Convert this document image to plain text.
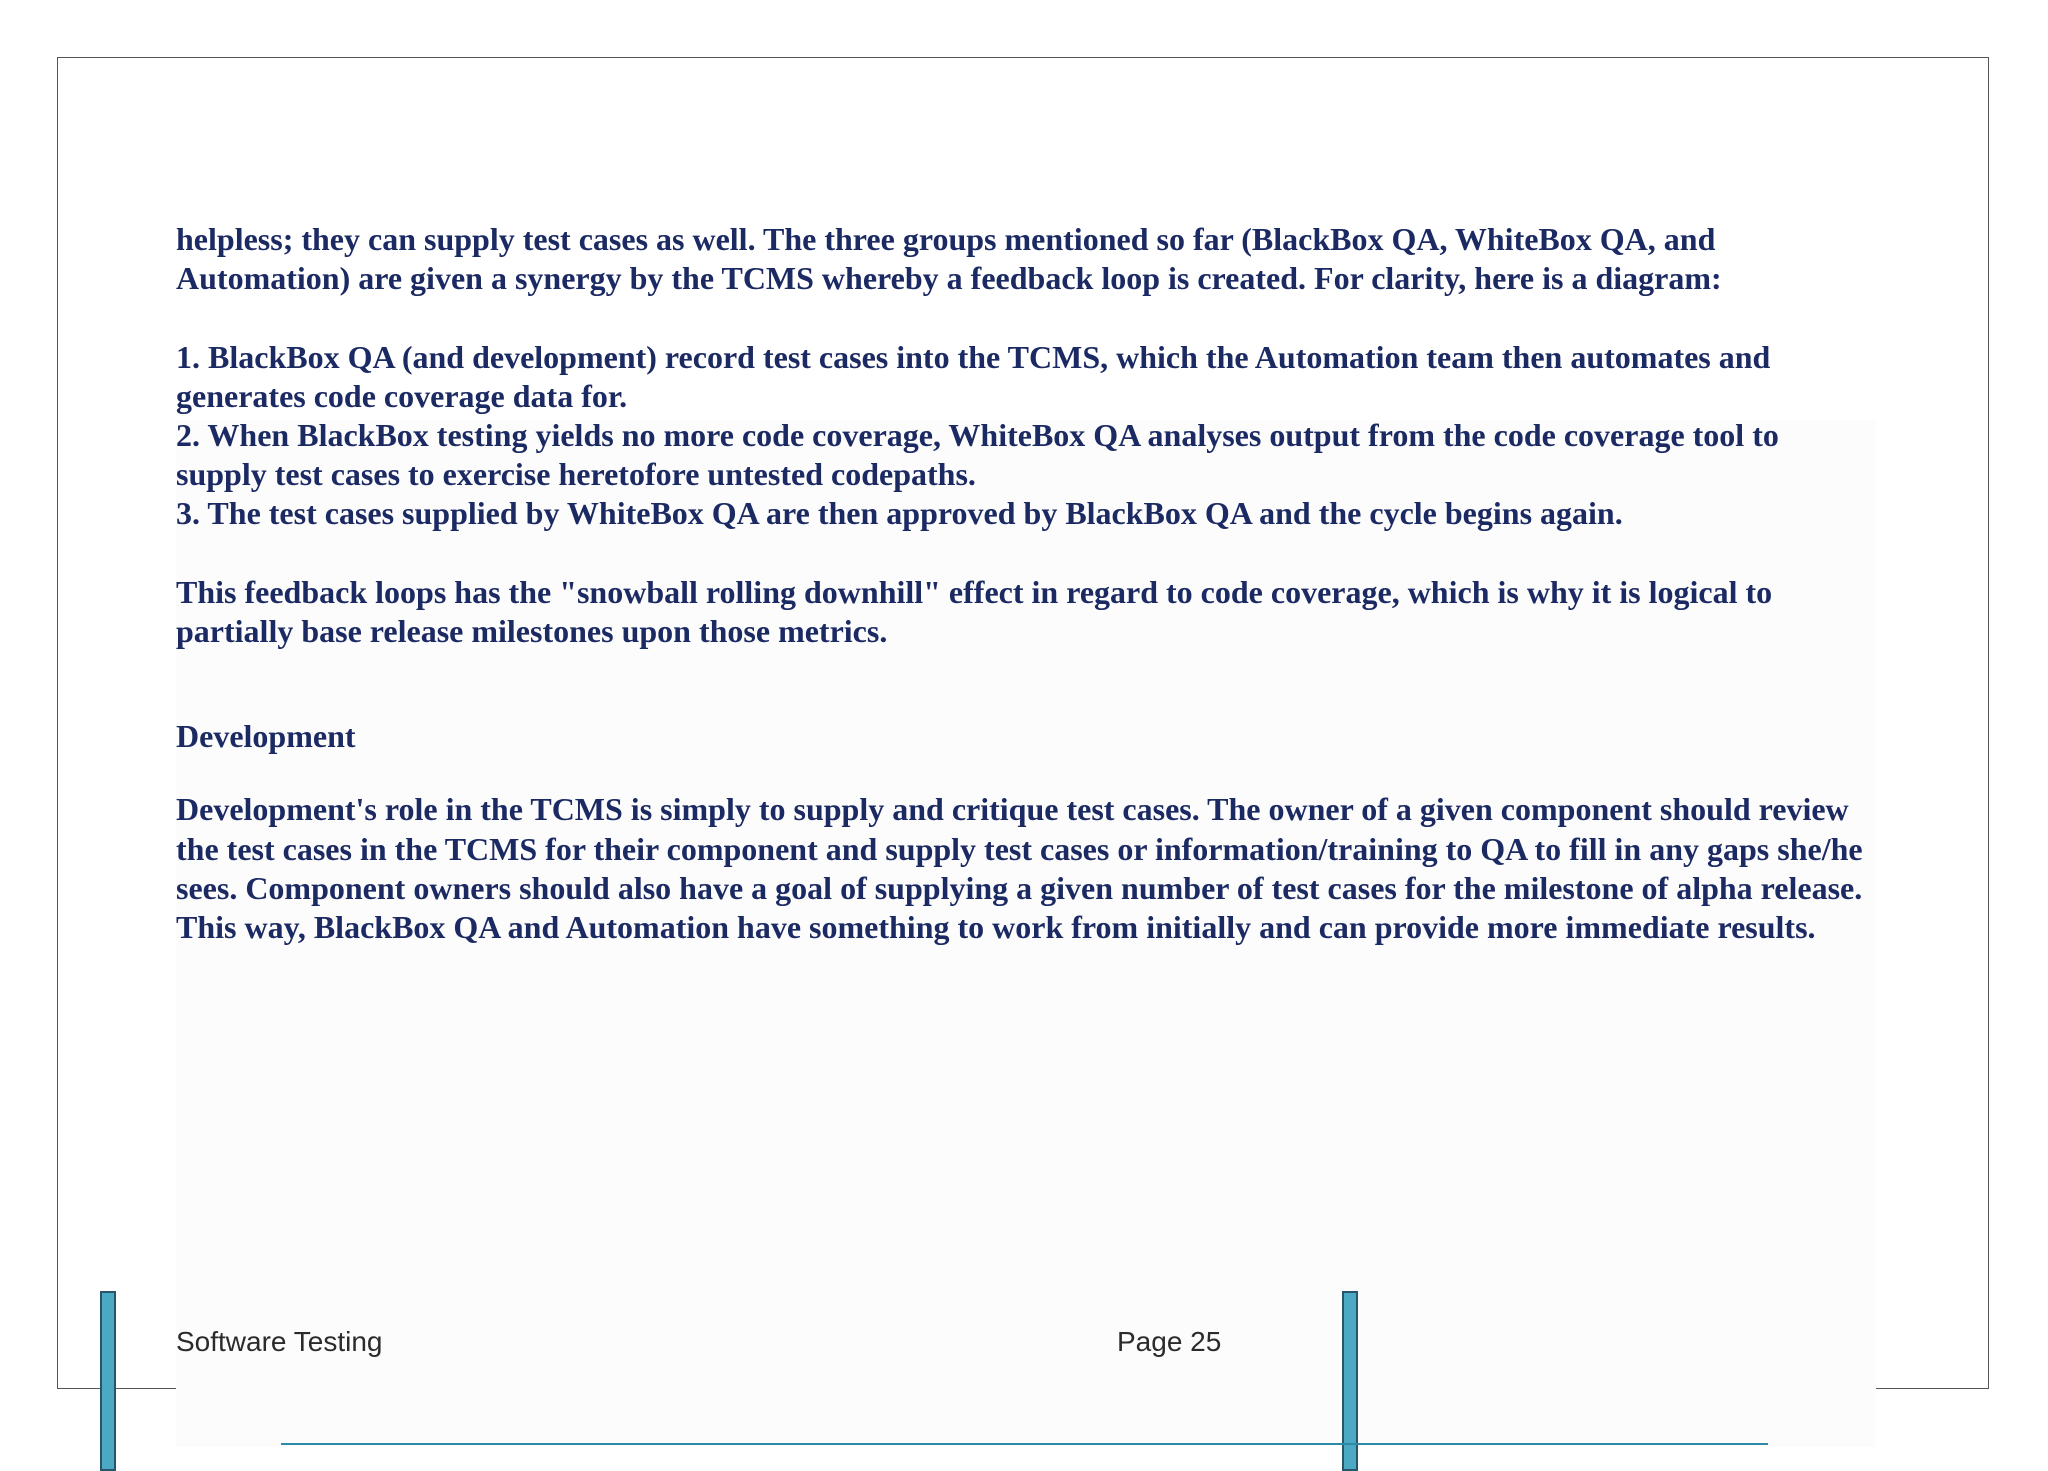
helpless; they can supply test cases as well. The three groups mentioned so far (BlackBox QA, WhiteBox QA, and Automation) are given a synergy by the TCMS whereby a feedback loop is created. For clarity, here is a diagram:

1. BlackBox QA (and development) record test cases into the TCMS, which the Automation team then automates and generates code coverage data for.

2. When BlackBox testing yields no more code coverage, WhiteBox QA analyses output from the code coverage tool to supply test cases to exercise heretofore untested codepaths.

3. The test cases supplied by WhiteBox QA are then approved by BlackBox QA and the cycle begins again.

This feedback loops has the "snowball rolling downhill" effect in regard to code coverage, which is why it is logical to partially base release milestones upon those metrics.

Development

Development's role in the TCMS is simply to supply and critique test cases. The owner of a given component should review the test cases in the TCMS for their component and supply test cases or information/training to QA to fill in any gaps she/he sees. Component owners should also have a goal of supplying a given number of test cases for the milestone of alpha release. This way, BlackBox QA and Automation have something to work from initially and can provide more immediate results.

Software Testing	Page 25
